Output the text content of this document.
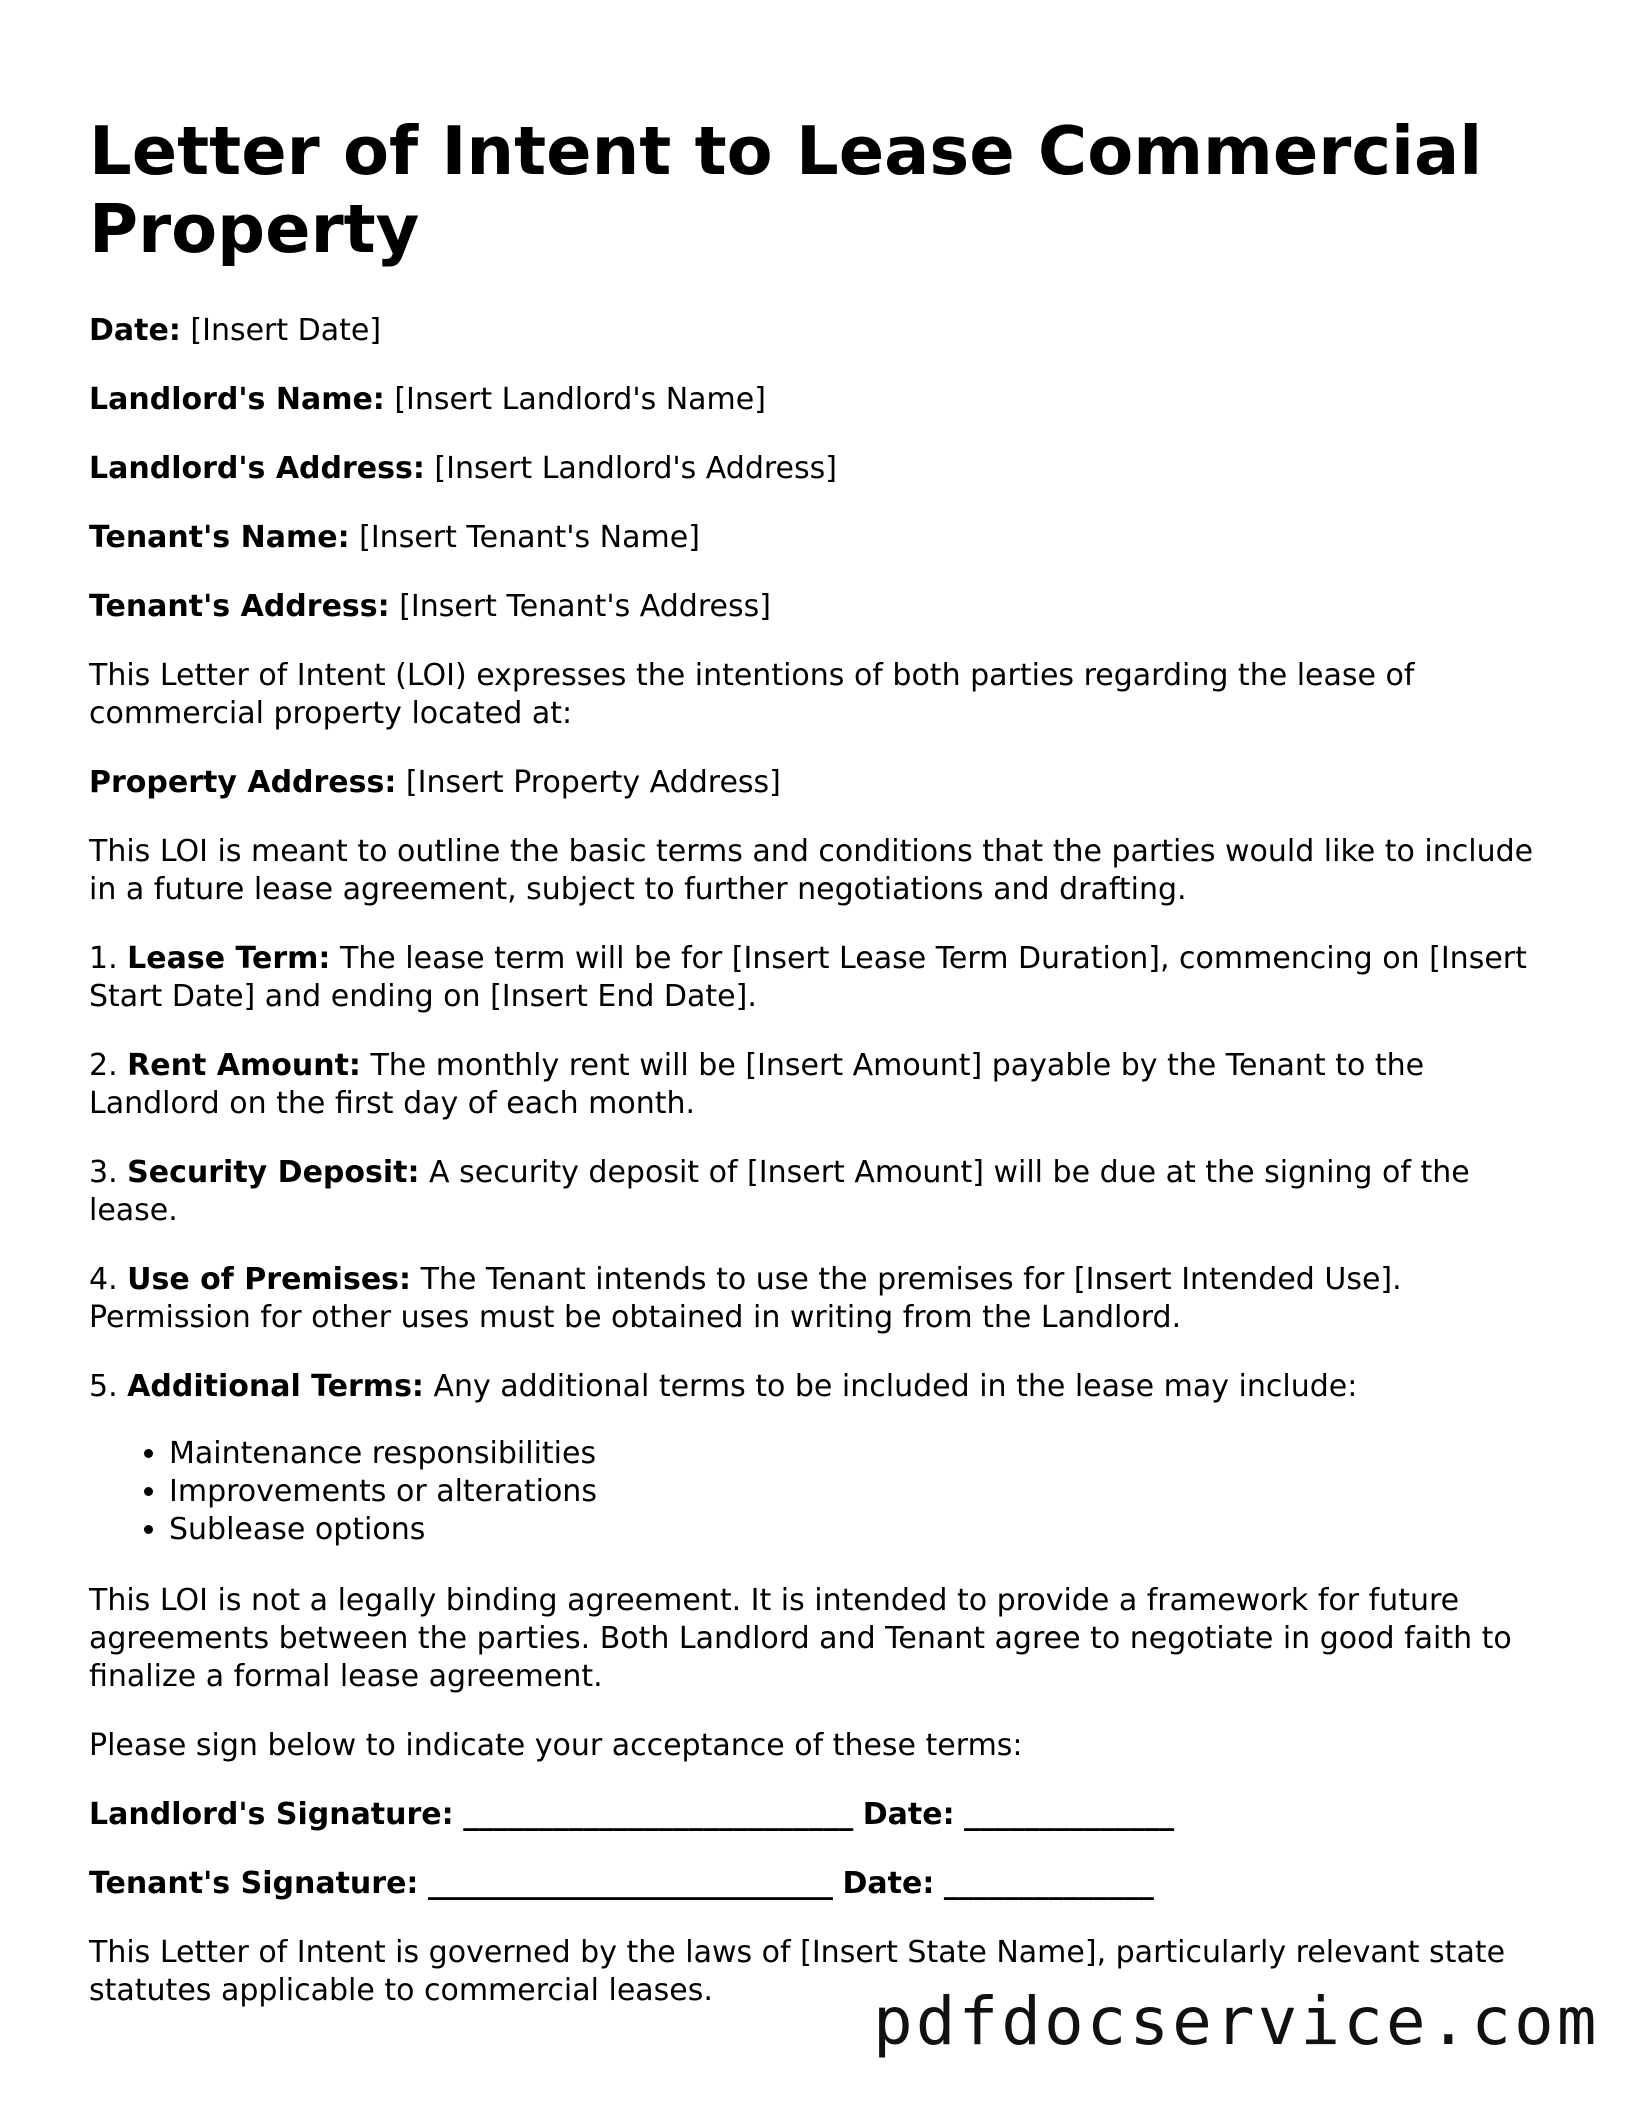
Letter of Intent to Lease Commercial Property

Date: [Insert Date]

Landlord's Name: [Insert Landlord's Name]

Landlord's Address: [Insert Landlord's Address]

Tenant's Name: [Insert Tenant's Name]

Tenant's Address: [Insert Tenant's Address]

This Letter of Intent (LOI) expresses the intentions of both parties regarding the lease of commercial property located at:

Property Address: [Insert Property Address]

This LOI is meant to outline the basic terms and conditions that the parties would like to include in a future lease agreement, subject to further negotiations and drafting.

1. Lease Term: The lease term will be for [Insert Lease Term Duration], commencing on [Insert Start Date] and ending on [Insert End Date].

2. Rent Amount: The monthly rent will be [Insert Amount] payable by the Tenant to the Landlord on the first day of each month.

3. Security Deposit: A security deposit of [Insert Amount] will be due at the signing of the lease.

4. Use of Premises: The Tenant intends to use the premises for [Insert Intended Use]. Permission for other uses must be obtained in writing from the Landlord.

5. Additional Terms: Any additional terms to be included in the lease may include:

• Maintenance responsibilities
• Improvements or alterations
• Sublease options

This LOI is not a legally binding agreement. It is intended to provide a framework for future agreements between the parties. Both Landlord and Tenant agree to negotiate in good faith to finalize a formal lease agreement.

Please sign below to indicate your acceptance of these terms:

Landlord's Signature: __________________________ Date: ______________

Tenant's Signature: ___________________________ Date: ______________

This Letter of Intent is governed by the laws of [Insert State Name], particularly relevant state statutes applicable to commercial leases.	pdfdocservice.com
